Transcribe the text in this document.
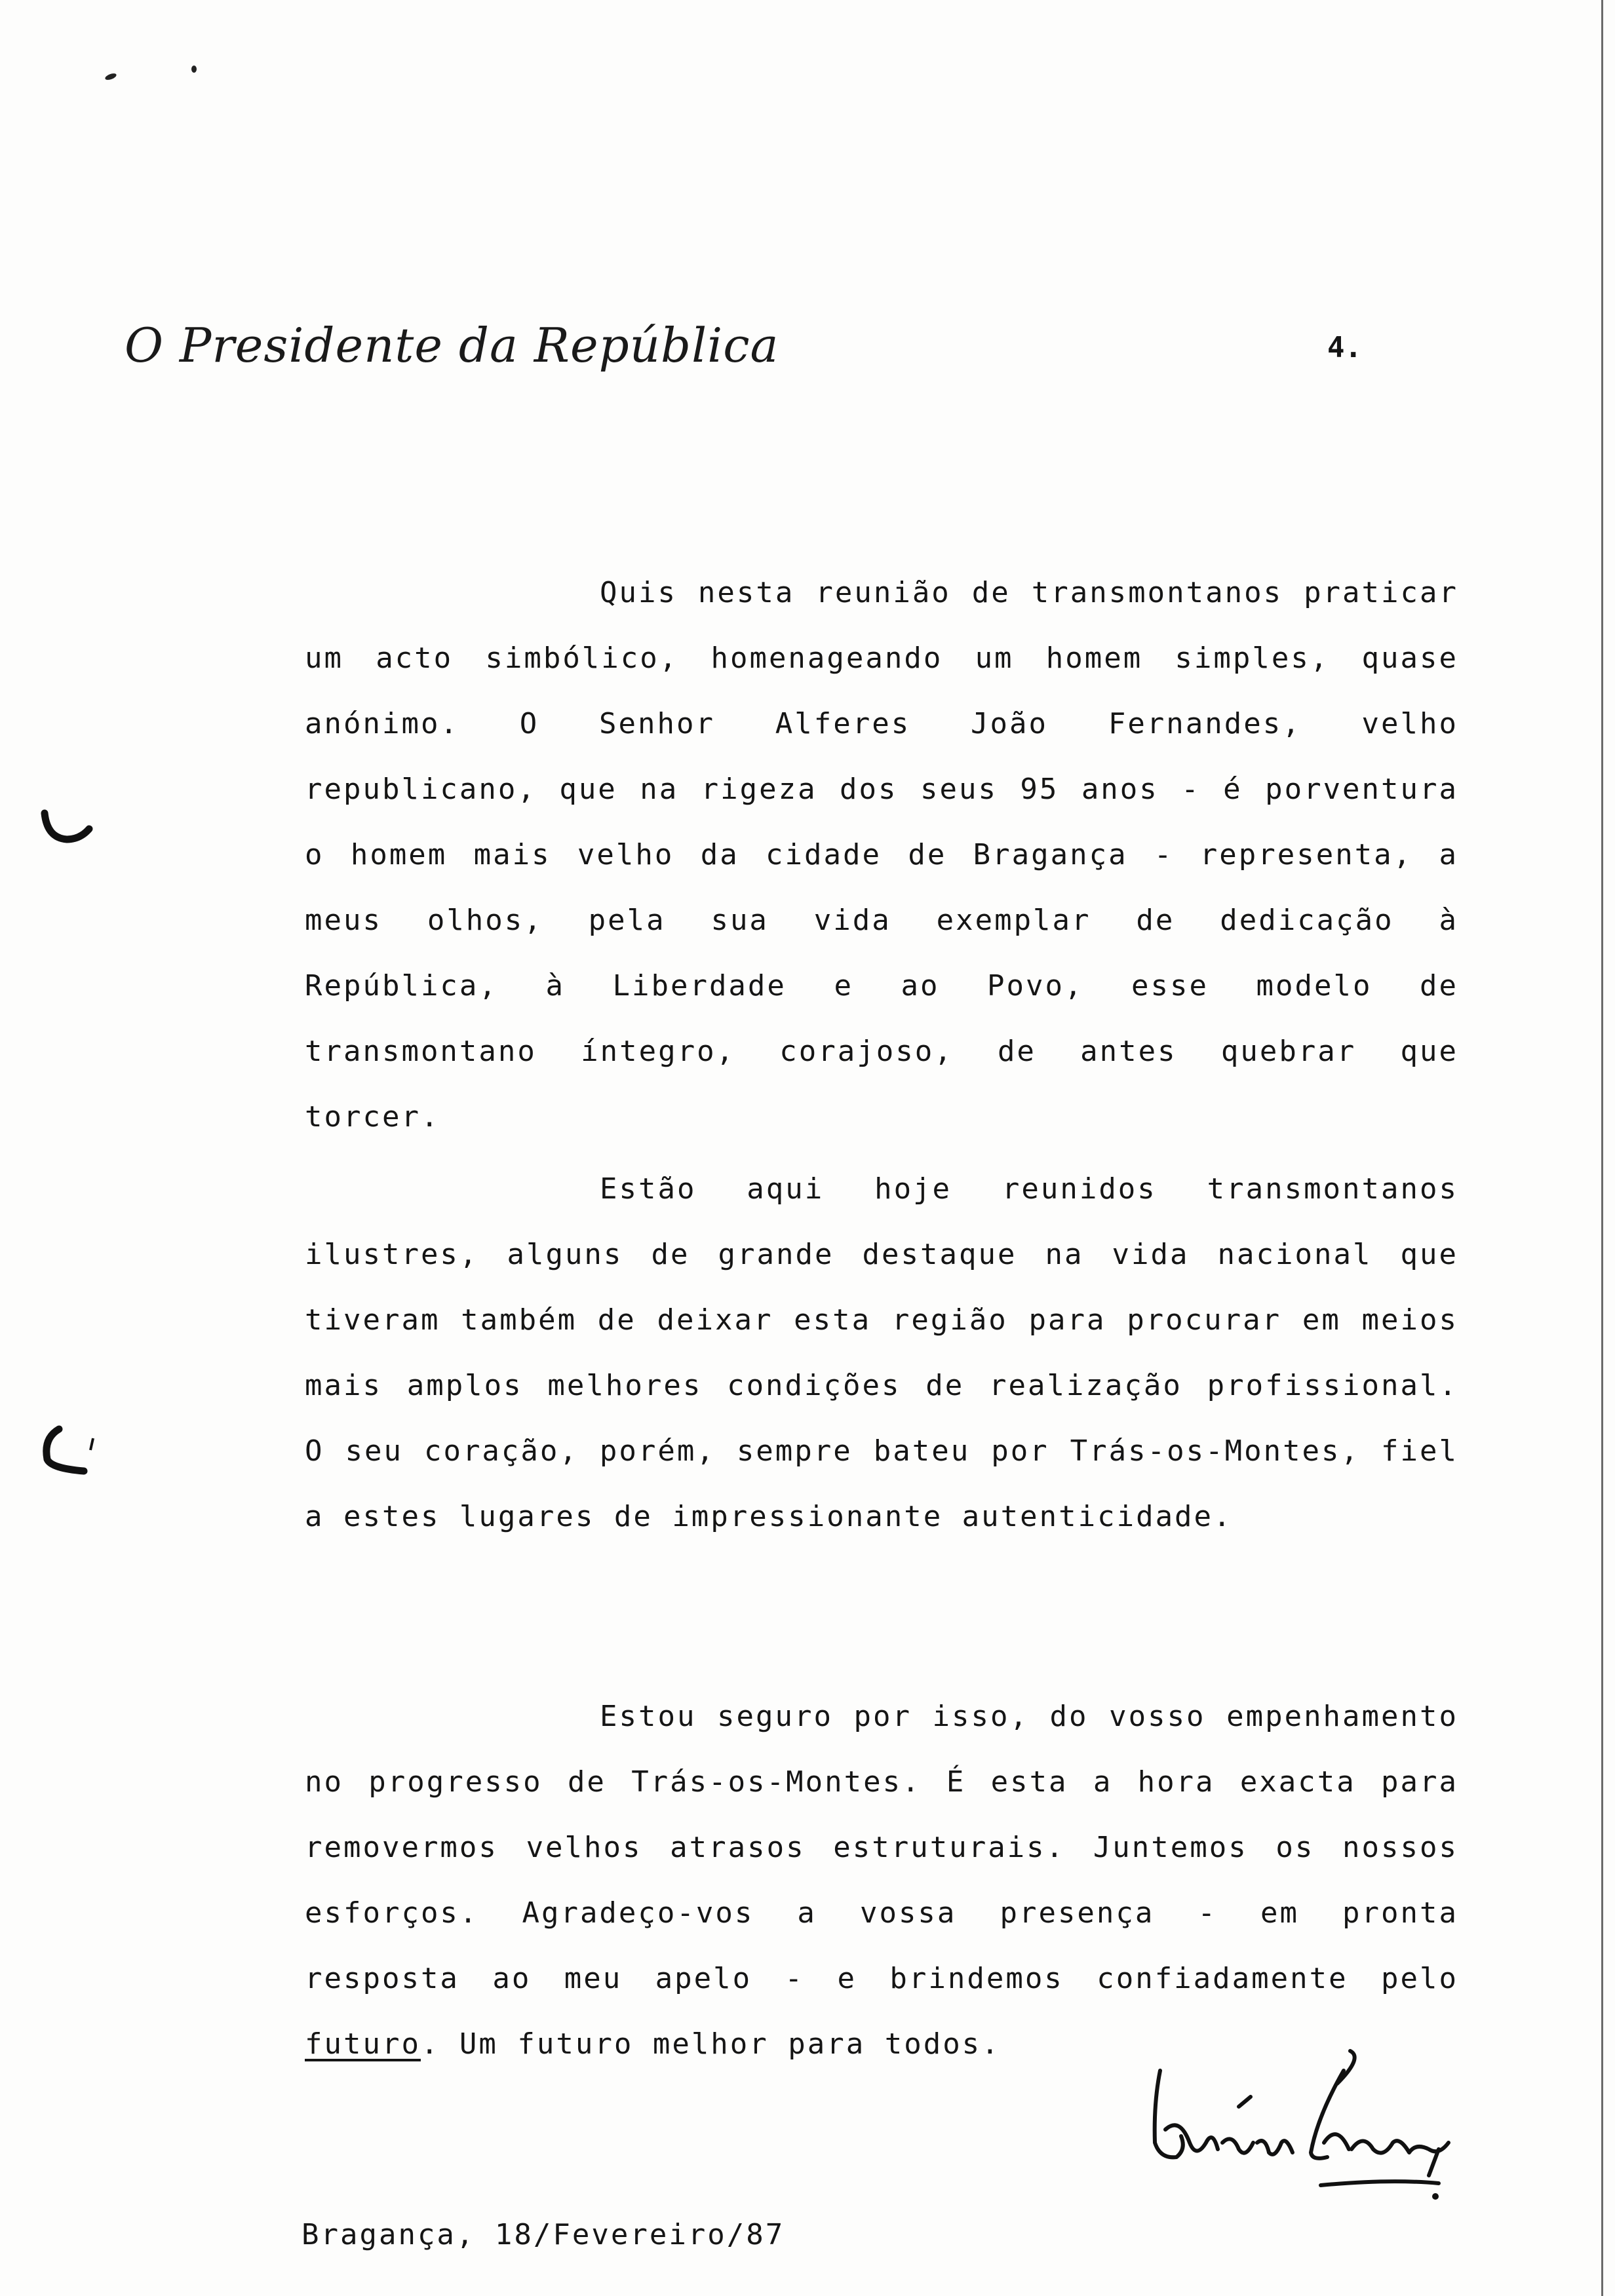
O Presidente da República	4.

Quis nesta reunião de transmontanos praticar um acto simbólico, homenageando um homem simples, quase anónimo. O Senhor Alferes João Fernandes, velho republicano, que na rigeza dos seus 95 anos - é porventura o homem mais velho da cidade de Bragança - representa, a meus olhos, pela sua vida exemplar de dedicação à República, à Liberdade e ao Povo, esse modelo de transmontano íntegro, corajoso, de antes quebrar que torcer.

Estão aqui hoje reunidos transmontanos ilustres, alguns de grande destaque na vida nacional que tiveram também de deixar esta região para procurar em meios mais amplos melhores condições de realização profissional. O seu coração, porém, sempre bateu por Trás-os-Montes, fiel a estes lugares de impressionante autenticidade.

Estou seguro por isso, do vosso empenhamento no progresso de Trás-os-Montes. É esta a hora exacta para removermos velhos atrasos estruturais. Juntemos os nossos esforços. Agradeço-vos a vossa presença - em pronta resposta ao meu apelo - e brindemos confiadamente pelo futuro. Um futuro melhor para todos.

Bragança, 18/Fevereiro/87
